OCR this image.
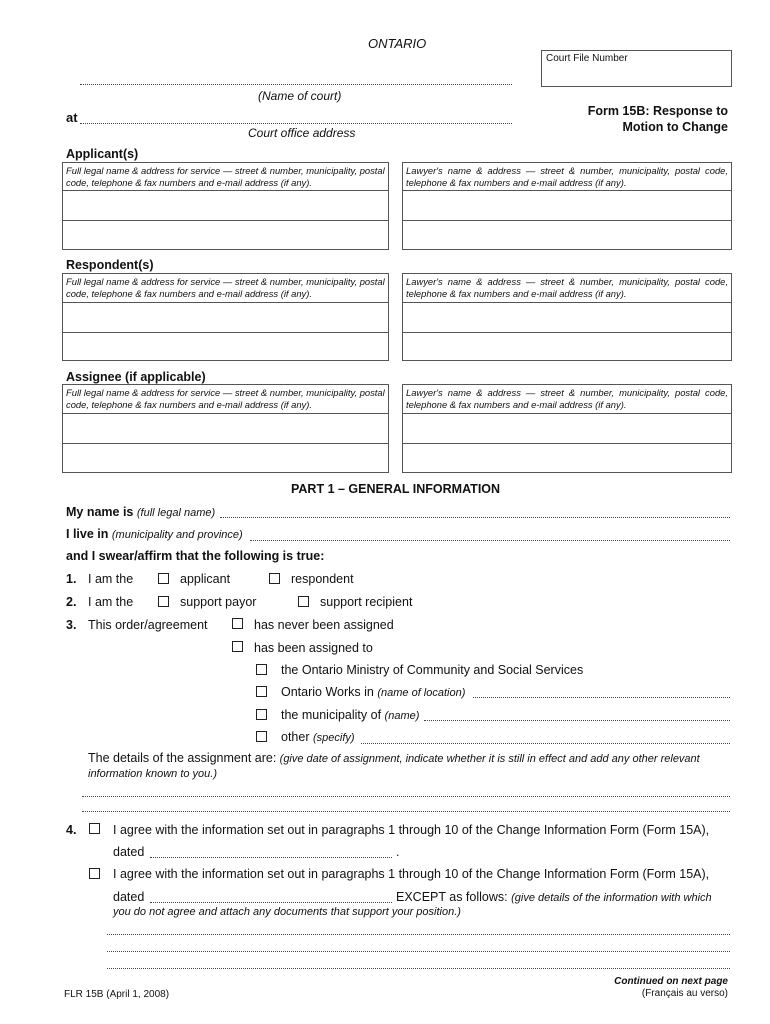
ONTARIO
Court File Number
(Name of court)
at
Court office address
Form 15B: Response to
Motion to Change
Applicant(s)
Full legal name & address for service — street & number, municipality, postal code, telephone & fax numbers and e-mail address (if any).
Lawyer's name & address — street & number, municipality, postal code, telephone & fax numbers and e-mail address (if any).
Respondent(s)
Full legal name & address for service — street & number, municipality, postal code, telephone & fax numbers and e-mail address (if any).
Lawyer's name & address — street & number, municipality, postal code, telephone & fax numbers and e-mail address (if any).
Assignee (if applicable)
Full legal name & address for service — street & number, municipality, postal code, telephone & fax numbers and e-mail address (if any).
Lawyer's name & address — street & number, municipality, postal code, telephone & fax numbers and e-mail address (if any).
PART 1 – GENERAL INFORMATION
My name is (full legal name)
I live in (municipality and province)
and I swear/affirm that the following is true:
1. I am the	applicant	respondent
2. I am the	support payor	support recipient
3. This order/agreement	has never been assigned
has been assigned to
the Ontario Ministry of Community and Social Services
Ontario Works in (name of location)
the municipality of (name)
other (specify)
The details of the assignment are: (give date of assignment, indicate whether it is still in effect and add any other relevant
information known to you.)
4.	I agree with the information set out in paragraphs 1 through 10 of the Change Information Form (Form 15A),
dated	.
I agree with the information set out in paragraphs 1 through 10 of the Change Information Form (Form 15A),
dated	EXCEPT as follows: (give details of the information with which
you do not agree and attach any documents that support your position.)
FLR 15B (April 1, 2008)
Continued on next page
(Français au verso)
